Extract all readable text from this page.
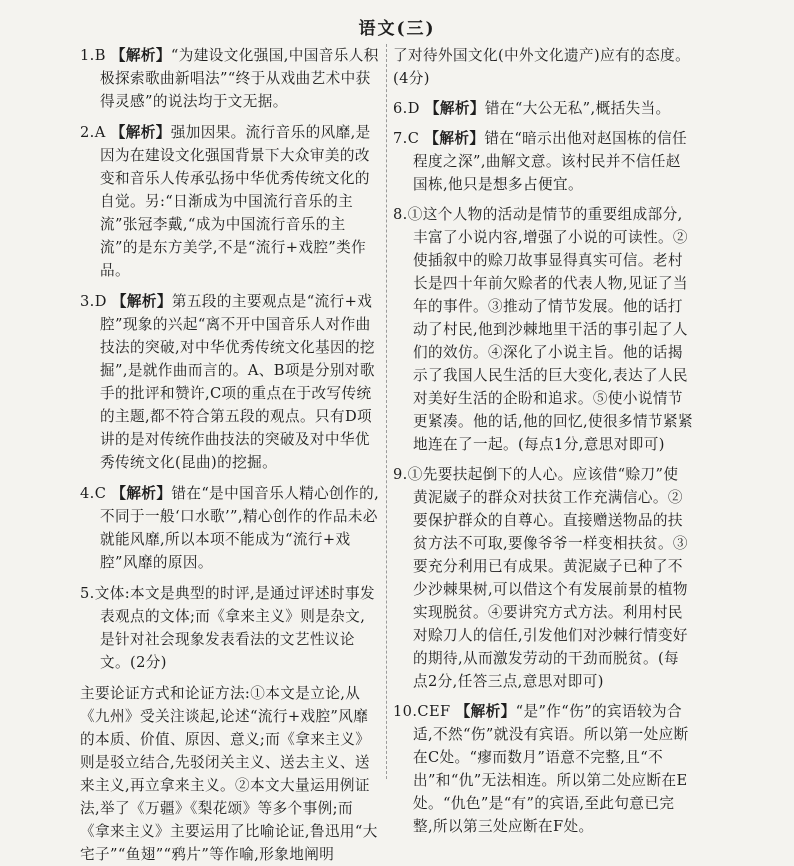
语文(三)
1.B 【解析】“为建设文化强国,中国音乐人积极探索歌曲新唱法”“终于从戏曲艺术中获得灵感”的说法均于文无据。
2.A 【解析】强加因果。流行音乐的风靡,是因为在建设文化强国背景下大众审美的改变和音乐人传承弘扬中华优秀传统文化的自觉。另:“日渐成为中国流行音乐的主流”张冠李戴,“成为中国流行音乐的主流”的是东方美学,不是“流行+戏腔”类作品。
3.D 【解析】第五段的主要观点是“流行+戏腔”现象的兴起“离不开中国音乐人对作曲技法的突破,对中华优秀传统文化基因的挖掘”,是就作曲而言的。A、B项是分别对歌手的批评和赞许,C项的重点在于改写传统的主题,都不符合第五段的观点。只有D项讲的是对传统作曲技法的突破及对中华优秀传统文化(昆曲)的挖掘。
4.C 【解析】错在“是中国音乐人精心创作的,不同于一般‘口水歌’”,精心创作的作品未必就能风靡,所以本项不能成为“流行+戏腔”风靡的原因。
5.文体:本文是典型的时评,是通过评述时事发表观点的文体;而《拿来主义》则是杂文,是针对社会现象发表看法的文艺性议论文。(2分)
主要论证方式和论证方法:①本文是立论,从《九州》受关注谈起,论述“流行+戏腔”风靡的本质、价值、原因、意义;而《拿来主义》则是驳立结合,先驳闭关主义、送去主义、送来主义,再立拿来主义。②本文大量运用例证法,举了《万疆》《梨花颂》等多个事例;而《拿来主义》主要运用了比喻论证,鲁迅用“大宅子”“鱼翅”“鸦片”等作喻,形象地阐明
了对待外国文化(中外文化遗产)应有的态度。(4分)
6.D 【解析】错在“大公无私”,概括失当。
7.C 【解析】错在“暗示出他对赵国栋的信任程度之深”,曲解文意。该村民并不信任赵国栋,他只是想多占便宜。
8.①这个人物的活动是情节的重要组成部分,丰富了小说内容,增强了小说的可读性。②使插叙中的赊刀故事显得真实可信。老村长是四十年前欠赊者的代表人物,见证了当年的事件。③推动了情节发展。他的话打动了村民,他到沙棘地里干活的事引起了人们的效仿。④深化了小说主旨。他的话揭示了我国人民生活的巨大变化,表达了人民对美好生活的企盼和追求。⑤使小说情节更紧凑。他的话,他的回忆,使很多情节紧紧地连在了一起。(每点1分,意思对即可)
9.①先要扶起倒下的人心。应该借“赊刀”使黄泥崴子的群众对扶贫工作充满信心。②要保护群众的自尊心。直接赠送物品的扶贫方法不可取,要像爷爷一样变相扶贫。③要充分利用已有成果。黄泥崴子已种了不少沙棘果树,可以借这个有发展前景的植物实现脱贫。④要讲究方式方法。利用村民对赊刀人的信任,引发他们对沙棘行情变好的期待,从而激发劳动的干劲而脱贫。(每点2分,任答三点,意思对即可)
10.CEF 【解析】“是”作“伤”的宾语较为合适,不然“伤”就没有宾语。所以第一处应断在C处。“瘳而数月”语意不完整,且“不出”和“仇”无法相连。所以第二处应断在E处。“仇色”是“有”的宾语,至此句意已完整,所以第三处应断在F处。
